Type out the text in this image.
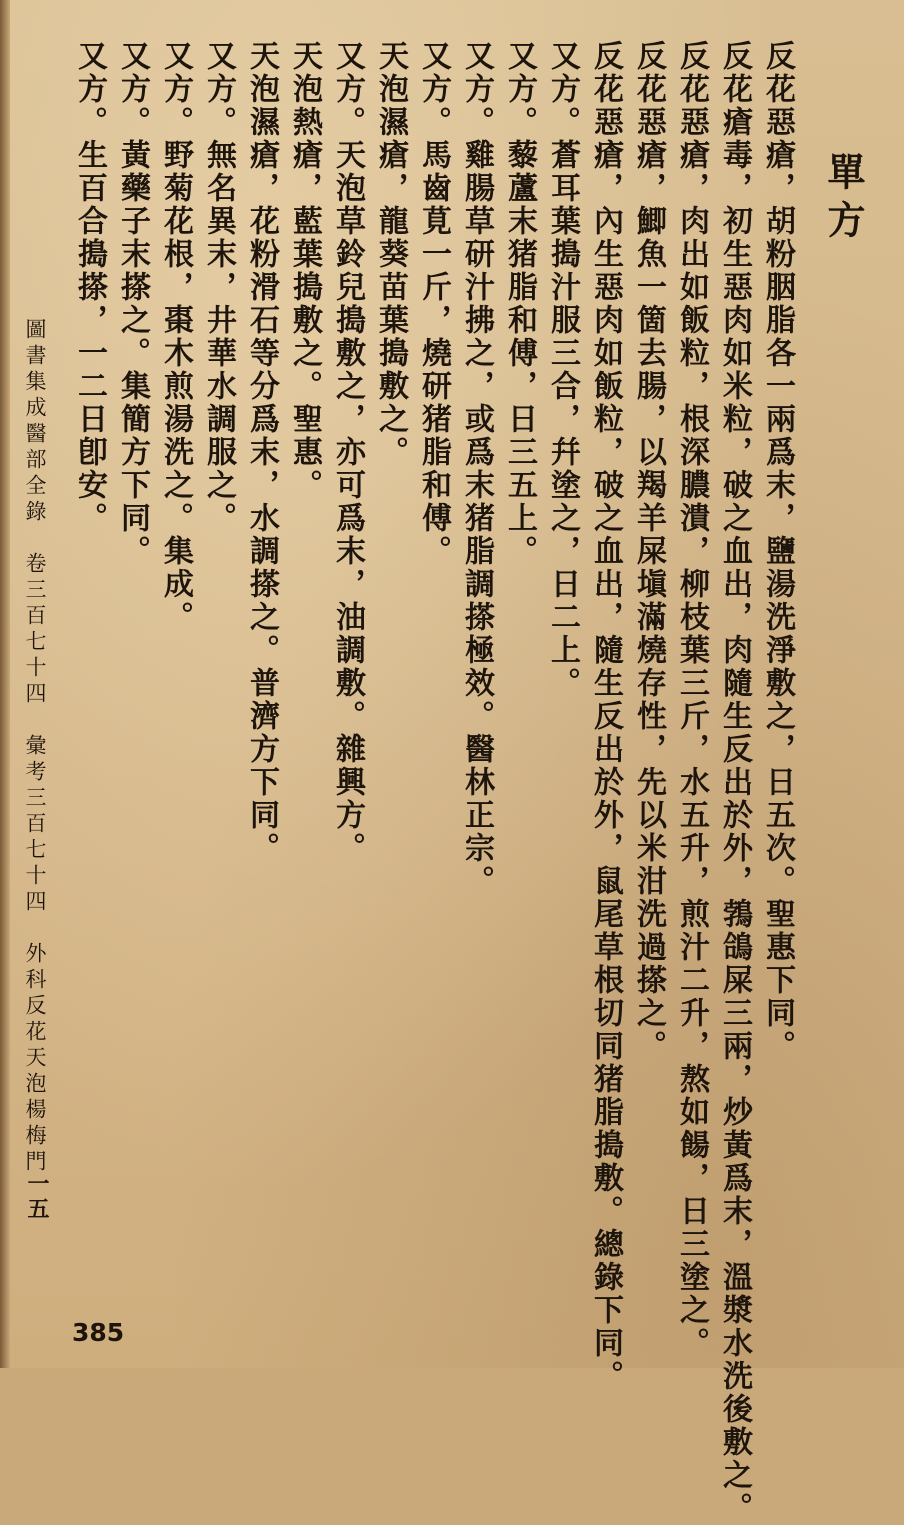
單方
反花惡瘡，胡粉胭脂各一兩爲末，鹽湯洗淨敷之，日五次。聖惠下同。
反花瘡毒，初生惡肉如米粒，破之血出，肉隨生反出於外，鵓鴿屎三兩，炒黃爲末，溫漿水洗後敷之。
反花惡瘡，肉出如飯粒，根深膿潰，柳枝葉三斤，水五升，煎汁二升，熬如餳，日三塗之。
反花惡瘡，鯽魚一箇去腸，以羯羊屎塡滿燒存性，先以米泔洗過搽之。
反花惡瘡，內生惡肉如飯粒，破之血出，隨生反出於外，鼠尾草根切同猪脂搗敷。總錄下同。
又方。蒼耳葉搗汁服三合，幷塗之，日二上。
又方。藜蘆末猪脂和傅，日三五上。
又方。雞腸草研汁拂之，或爲末猪脂調搽極效。醫林正宗。
又方。馬齒莧一斤，燒研猪脂和傅。
天泡濕瘡，龍葵苗葉搗敷之。
又方。天泡草鈴兒搗敷之，亦可爲末，油調敷。雜興方。
天泡熱瘡，藍葉搗敷之。聖惠。
天泡濕瘡，花粉滑石等分爲末，水調搽之。普濟方下同。
又方。無名異末，井華水調服之。
又方。野菊花根，棗木煎湯洗之。集成。
又方。黃藥子末搽之。集簡方下同。
又方。生百合搗搽，一二日卽安。
圖書集成醫部全錄　卷三百七十四　彙考三百七十四　外科反花天泡楊梅門
一五
385
